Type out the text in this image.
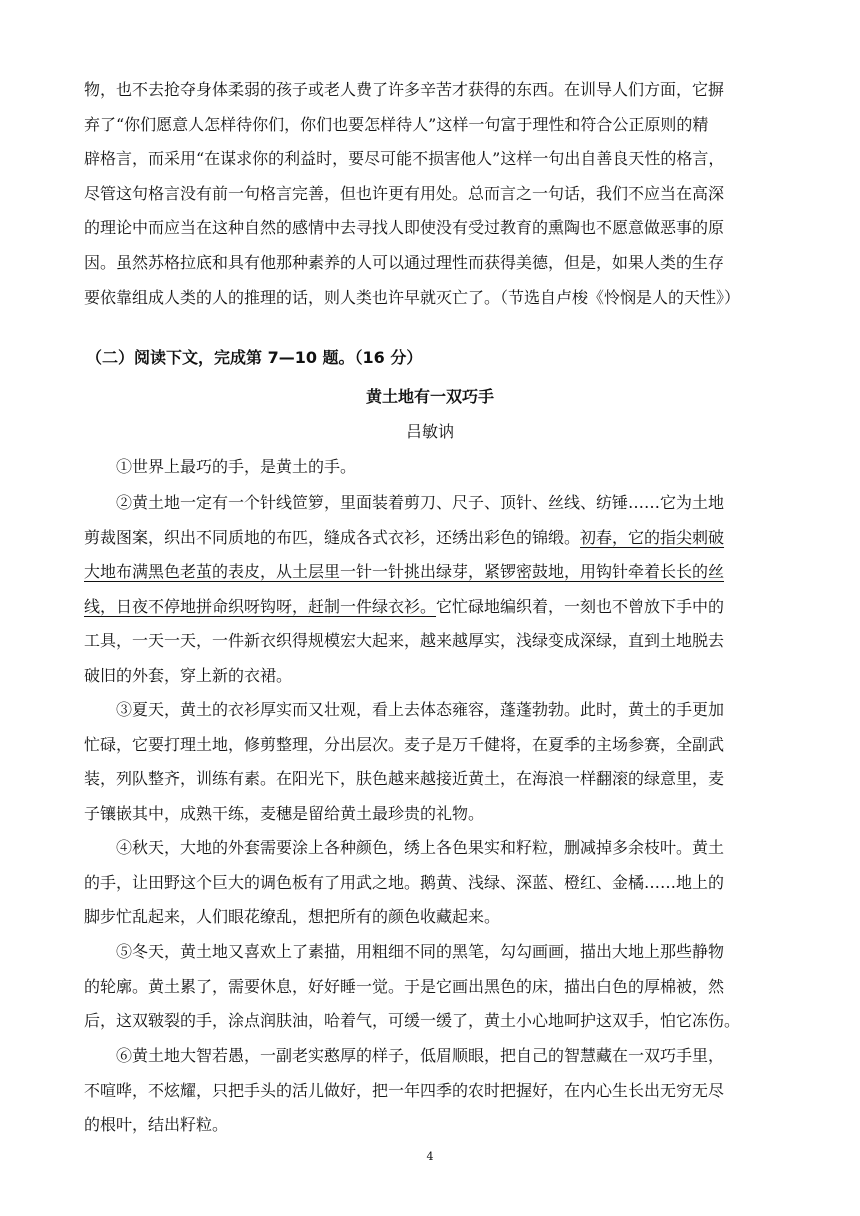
物，也不去抢夺身体柔弱的孩子或老人费了许多辛苦才获得的东西。在训导人们方面，它摒
弃了“你们愿意人怎样待你们，你们也要怎样待人”这样一句富于理性和符合公正原则的精
辟格言，而采用“在谋求你的利益时，要尽可能不损害他人”这样一句出自善良天性的格言，
尽管这句格言没有前一句格言完善，但也许更有用处。总而言之一句话，我们不应当在高深
的理论中而应当在这种自然的感情中去寻找人即使没有受过教育的熏陶也不愿意做恶事的原
因。虽然苏格拉底和具有他那种素养的人可以通过理性而获得美德，但是，如果人类的生存
要依靠组成人类的人的推理的话，则人类也许早就灭亡了。（节选自卢梭《怜悯是人的天性》）
（二）阅读下文，完成第 7—10 题。（16 分）
黄土地有一双巧手
吕敏讷
①世界上最巧的手，是黄土的手。
②黄土地一定有一个针线笸箩，里面装着剪刀、尺子、顶针、丝线、纺锤……它为土地
剪裁图案，织出不同质地的布匹，缝成各式衣衫，还绣出彩色的锦缎。初春，它的指尖刺破
大地布满黑色老茧的表皮，从土层里一针一针挑出绿芽，紧锣密鼓地，用钩针牵着长长的丝
线，日夜不停地拼命织呀钩呀，赶制一件绿衣衫。它忙碌地编织着，一刻也不曾放下手中的
工具，一天一天，一件新衣织得规模宏大起来，越来越厚实，浅绿变成深绿，直到土地脱去
破旧的外套，穿上新的衣裙。
③夏天，黄土的衣衫厚实而又壮观，看上去体态雍容，蓬蓬勃勃。此时，黄土的手更加
忙碌，它要打理土地，修剪整理，分出层次。麦子是万千健将，在夏季的主场参赛，全副武
装，列队整齐，训练有素。在阳光下，肤色越来越接近黄土，在海浪一样翻滚的绿意里，麦
子镶嵌其中，成熟干练，麦穗是留给黄土最珍贵的礼物。
④秋天，大地的外套需要涂上各种颜色，绣上各色果实和籽粒，删减掉多余枝叶。黄土
的手，让田野这个巨大的调色板有了用武之地。鹅黄、浅绿、深蓝、橙红、金橘……地上的
脚步忙乱起来，人们眼花缭乱，想把所有的颜色收藏起来。
⑤冬天，黄土地又喜欢上了素描，用粗细不同的黑笔，勾勾画画，描出大地上那些静物
的轮廓。黄土累了，需要休息，好好睡一觉。于是它画出黑色的床，描出白色的厚棉被，然
后，这双皲裂的手，涂点润肤油，哈着气，可缓一缓了，黄土小心地呵护这双手，怕它冻伤。
⑥黄土地大智若愚，一副老实憨厚的样子，低眉顺眼，把自己的智慧藏在一双巧手里，
不喧哗，不炫耀，只把手头的活儿做好，把一年四季的农时把握好，在内心生长出无穷无尽
的根叶，结出籽粒。
4
